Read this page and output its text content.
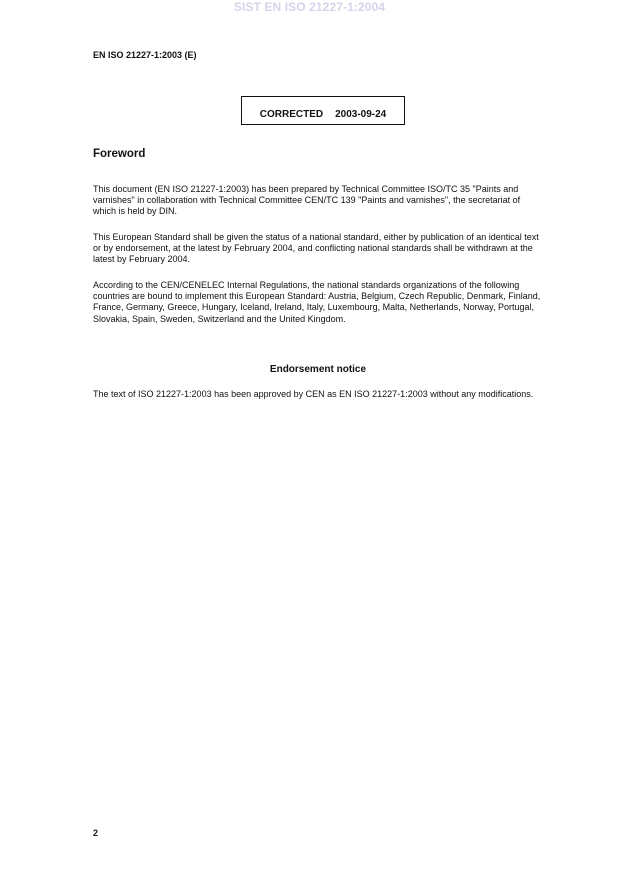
SIST EN ISO 21227-1:2004
EN ISO 21227-1:2003 (E)
CORRECTED 2003-09-24
Foreword

This document (EN ISO 21227-1:2003) has been prepared by Technical Committee ISO/TC 35 "Paints and varnishes" in collaboration with Technical Committee CEN/TC 139 "Paints and varnishes", the secretariat of which is held by DIN.

This European Standard shall be given the status of a national standard, either by publication of an identical text or by endorsement, at the latest by February 2004, and conflicting national standards shall be withdrawn at the latest by February 2004.

According to the CEN/CENELEC Internal Regulations, the national standards organizations of the following countries are bound to implement this European Standard: Austria, Belgium, Czech Republic, Denmark, Finland, France, Germany, Greece, Hungary, Iceland, Ireland, Italy, Luxembourg, Malta, Netherlands, Norway, Portugal, Slovakia, Spain, Sweden, Switzerland and the United Kingdom.

Endorsement notice

The text of ISO 21227-1:2003 has been approved by CEN as EN ISO 21227-1:2003 without any modifications.

2
